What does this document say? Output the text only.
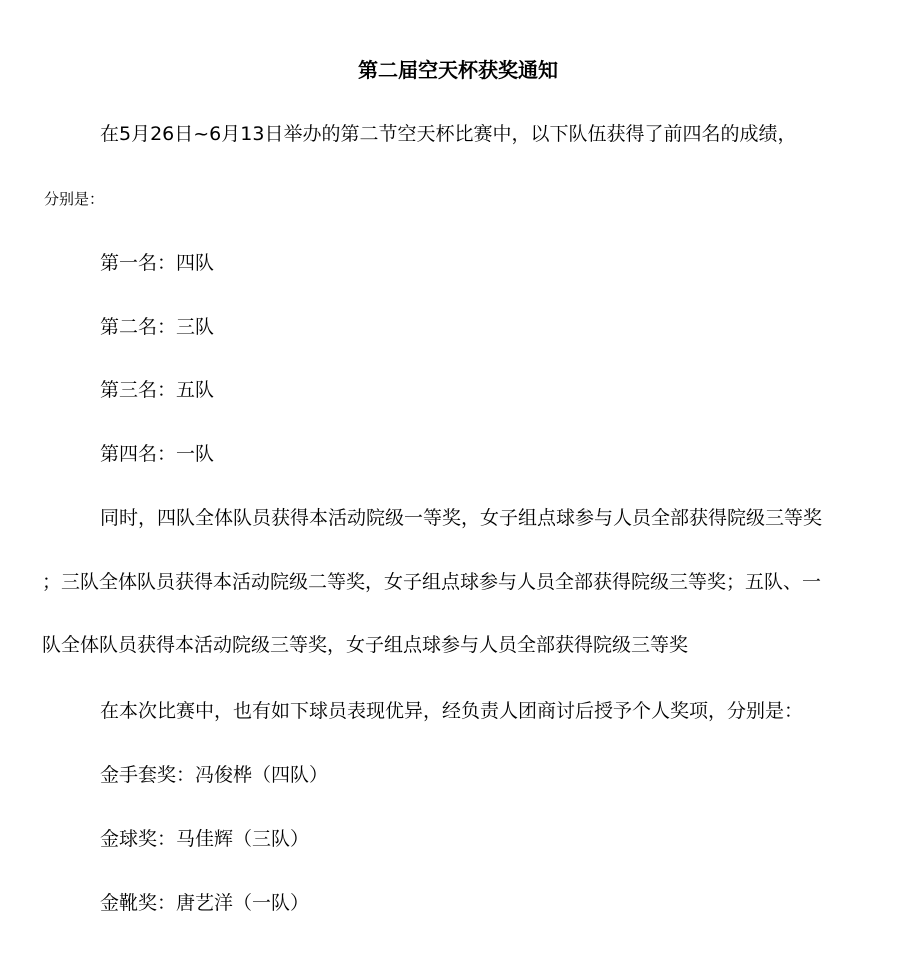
第二届空天杯获奖通知
在5月26日~6月13日举办的第二节空天杯比赛中，以下队伍获得了前四名的成绩，
分别是：
第一名：四队
第二名：三队
第三名：五队
第四名：一队
同时，四队全体队员获得本活动院级一等奖，女子组点球参与人员全部获得院级三等奖
；三队全体队员获得本活动院级二等奖，女子组点球参与人员全部获得院级三等奖；五队、一
队全体队员获得本活动院级三等奖，女子组点球参与人员全部获得院级三等奖
在本次比赛中，也有如下球员表现优异，经负责人团商讨后授予个人奖项，分别是：
金手套奖：冯俊桦（四队）
金球奖：马佳辉（三队）
金靴奖：唐艺洋（一队）
